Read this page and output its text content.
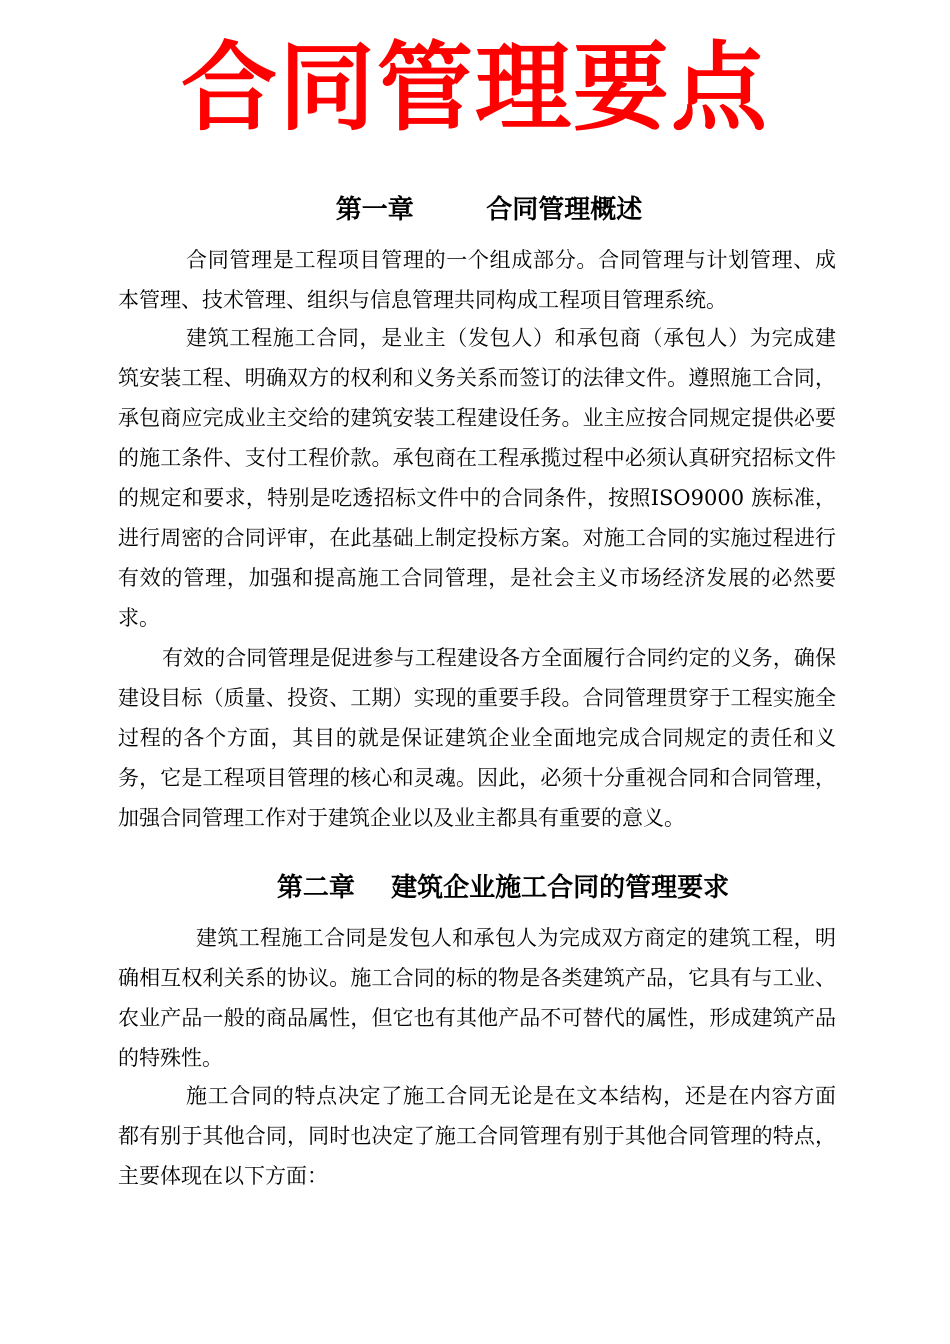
合同管理要点
第一章        合同管理概述

合同管理是工程项目管理的一个组成部分。合同管理与计划管理、成本管理、技术管理、组织与信息管理共同构成工程项目管理系统。

建筑工程施工合同，是业主（发包人）和承包商（承包人）为完成建筑安装工程、明确双方的权利和义务关系而签订的法律文件。遵照施工合同，承包商应完成业主交给的建筑安装工程建设任务。业主应按合同规定提供必要的施工条件、支付工程价款。承包商在工程承揽过程中必须认真研究招标文件的规定和要求，特别是吃透招标文件中的合同条件，按照ISO9000 族标准，进行周密的合同评审，在此基础上制定投标方案。对施工合同的实施过程进行有效的管理，加强和提高施工合同管理，是社会主义市场经济发展的必然要求。

有效的合同管理是促进参与工程建设各方全面履行合同约定的义务，确保建设目标（质量、投资、工期）实现的重要手段。合同管理贯穿于工程实施全过程的各个方面，其目的就是保证建筑企业全面地完成合同规定的责任和义务，它是工程项目管理的核心和灵魂。因此，必须十分重视合同和合同管理，加强合同管理工作对于建筑企业以及业主都具有重要的意义。

第二章    建筑企业施工合同的管理要求

建筑工程施工合同是发包人和承包人为完成双方商定的建筑工程，明确相互权利关系的协议。施工合同的标的物是各类建筑产品，它具有与工业、农业产品一般的商品属性，但它也有其他产品不可替代的属性，形成建筑产品的特殊性。

施工合同的特点决定了施工合同无论是在文本结构，还是在内容方面都有别于其他合同，同时也决定了施工合同管理有别于其他合同管理的特点，主要体现在以下方面：
